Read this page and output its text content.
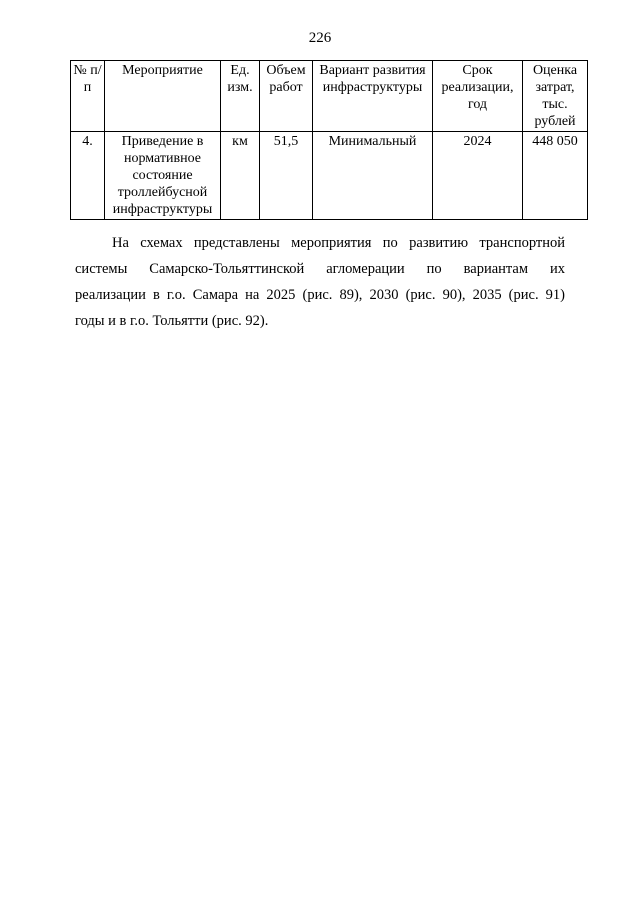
226
№ п/п	Мероприятие	Ед. изм.	Объем работ	Вариант развития инфраструктуры	Срок реализации, год	Оценка затрат, тыс. рублей
4.	Приведение в нормативное состояние троллейбусной инфраструктуры	км	51,5	Минимальный	2024	448 050

На схемах представлены мероприятия по развитию транспортной
системы Самарско-Тольяттинской агломерации по вариантам их
реализации в г.о. Самара на 2025 (рис. 89), 2030 (рис. 90), 2035 (рис. 91)
годы и в г.о. Тольятти (рис. 92).
